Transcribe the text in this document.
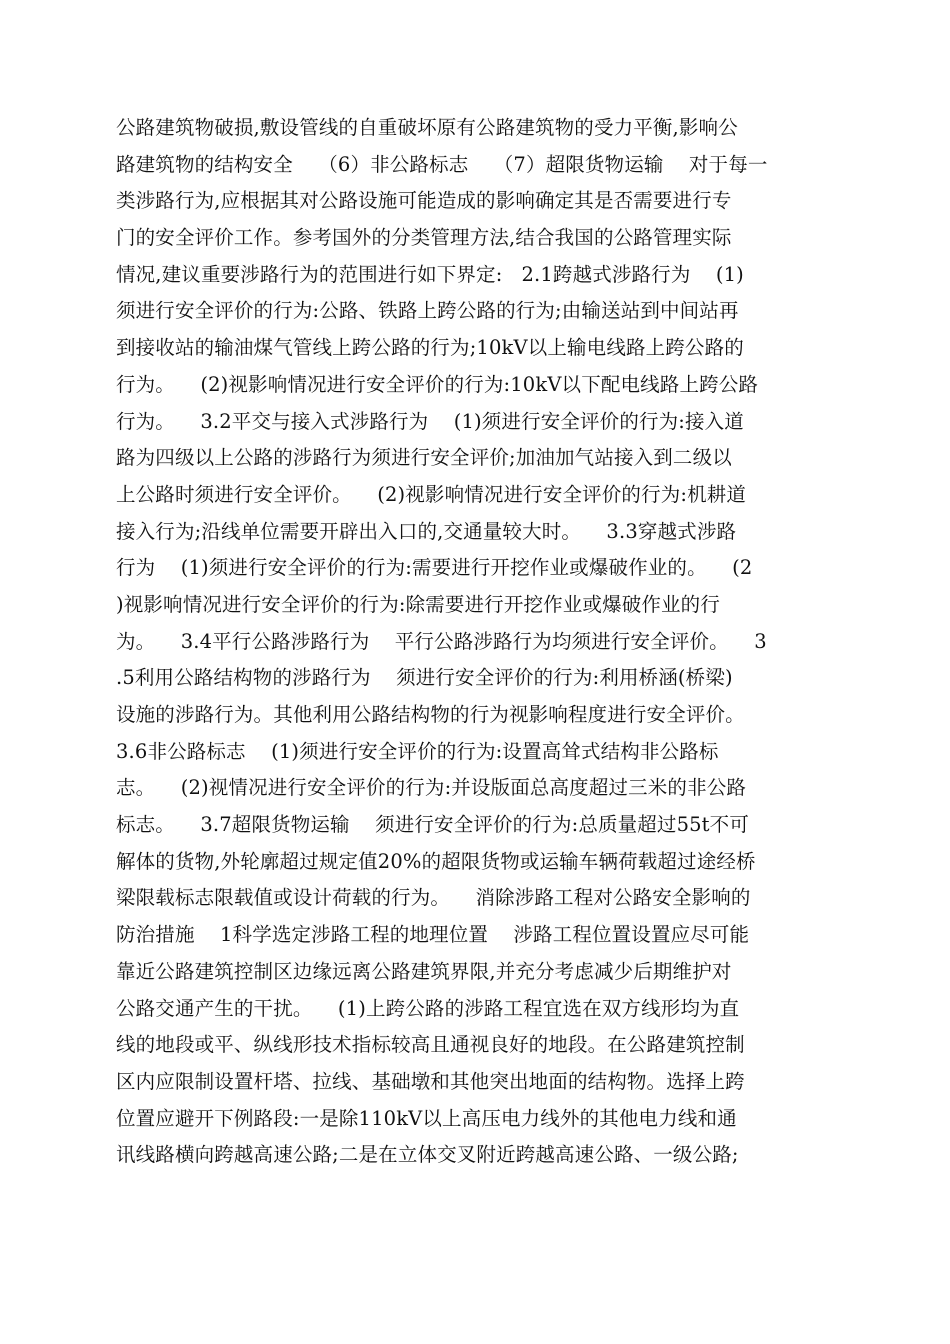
公路建筑物破损,敷设管线的自重破坏原有公路建筑物的受力平衡,影响公
路建筑物的结构安全    （6）非公路标志    （7）超限货物运输    对于每一
类涉路行为,应根据其对公路设施可能造成的影响确定其是否需要进行专
门的安全评价工作。参考国外的分类管理方法,结合我国的公路管理实际
情况,建议重要涉路行为的范围进行如下界定:   2.1跨越式涉路行为    (1)
须进行安全评价的行为:公路、铁路上跨公路的行为;由输送站到中间站再
到接收站的输油煤气管线上跨公路的行为;10kV以上输电线路上跨公路的
行为。    (2)视影响情况进行安全评价的行为:10kV以下配电线路上跨公路
行为。    3.2平交与接入式涉路行为    (1)须进行安全评价的行为:接入道
路为四级以上公路的涉路行为须进行安全评价;加油加气站接入到二级以
上公路时须进行安全评价。    (2)视影响情况进行安全评价的行为:机耕道
接入行为;沿线单位需要开辟出入口的,交通量较大时。    3.3穿越式涉路
行为    (1)须进行安全评价的行为:需要进行开挖作业或爆破作业的。    (2
)视影响情况进行安全评价的行为:除需要进行开挖作业或爆破作业的行
为。    3.4平行公路涉路行为    平行公路涉路行为均须进行安全评价。    3
.5利用公路结构物的涉路行为    须进行安全评价的行为:利用桥涵(桥梁)
设施的涉路行为。其他利用公路结构物的行为视影响程度进行安全评价。
3.6非公路标志    (1)须进行安全评价的行为:设置高耸式结构非公路标
志。    (2)视情况进行安全评价的行为:并设版面总高度超过三米的非公路
标志。    3.7超限货物运输    须进行安全评价的行为:总质量超过55t不可
解体的货物,外轮廓超过规定值20%的超限货物或运输车辆荷载超过途经桥
梁限载标志限载值或设计荷载的行为。    消除涉路工程对公路安全影响的
防治措施    1科学选定涉路工程的地理位置    涉路工程位置设置应尽可能
靠近公路建筑控制区边缘远离公路建筑界限,并充分考虑减少后期维护对
公路交通产生的干扰。    (1)上跨公路的涉路工程宜选在双方线形均为直
线的地段或平、纵线形技术指标较高且通视良好的地段。在公路建筑控制
区内应限制设置杆塔、拉线、基础墩和其他突出地面的结构物。选择上跨
位置应避开下例路段:一是除110kV以上高压电力线外的其他电力线和通
讯线路横向跨越高速公路;二是在立体交叉附近跨越高速公路、一级公路;
